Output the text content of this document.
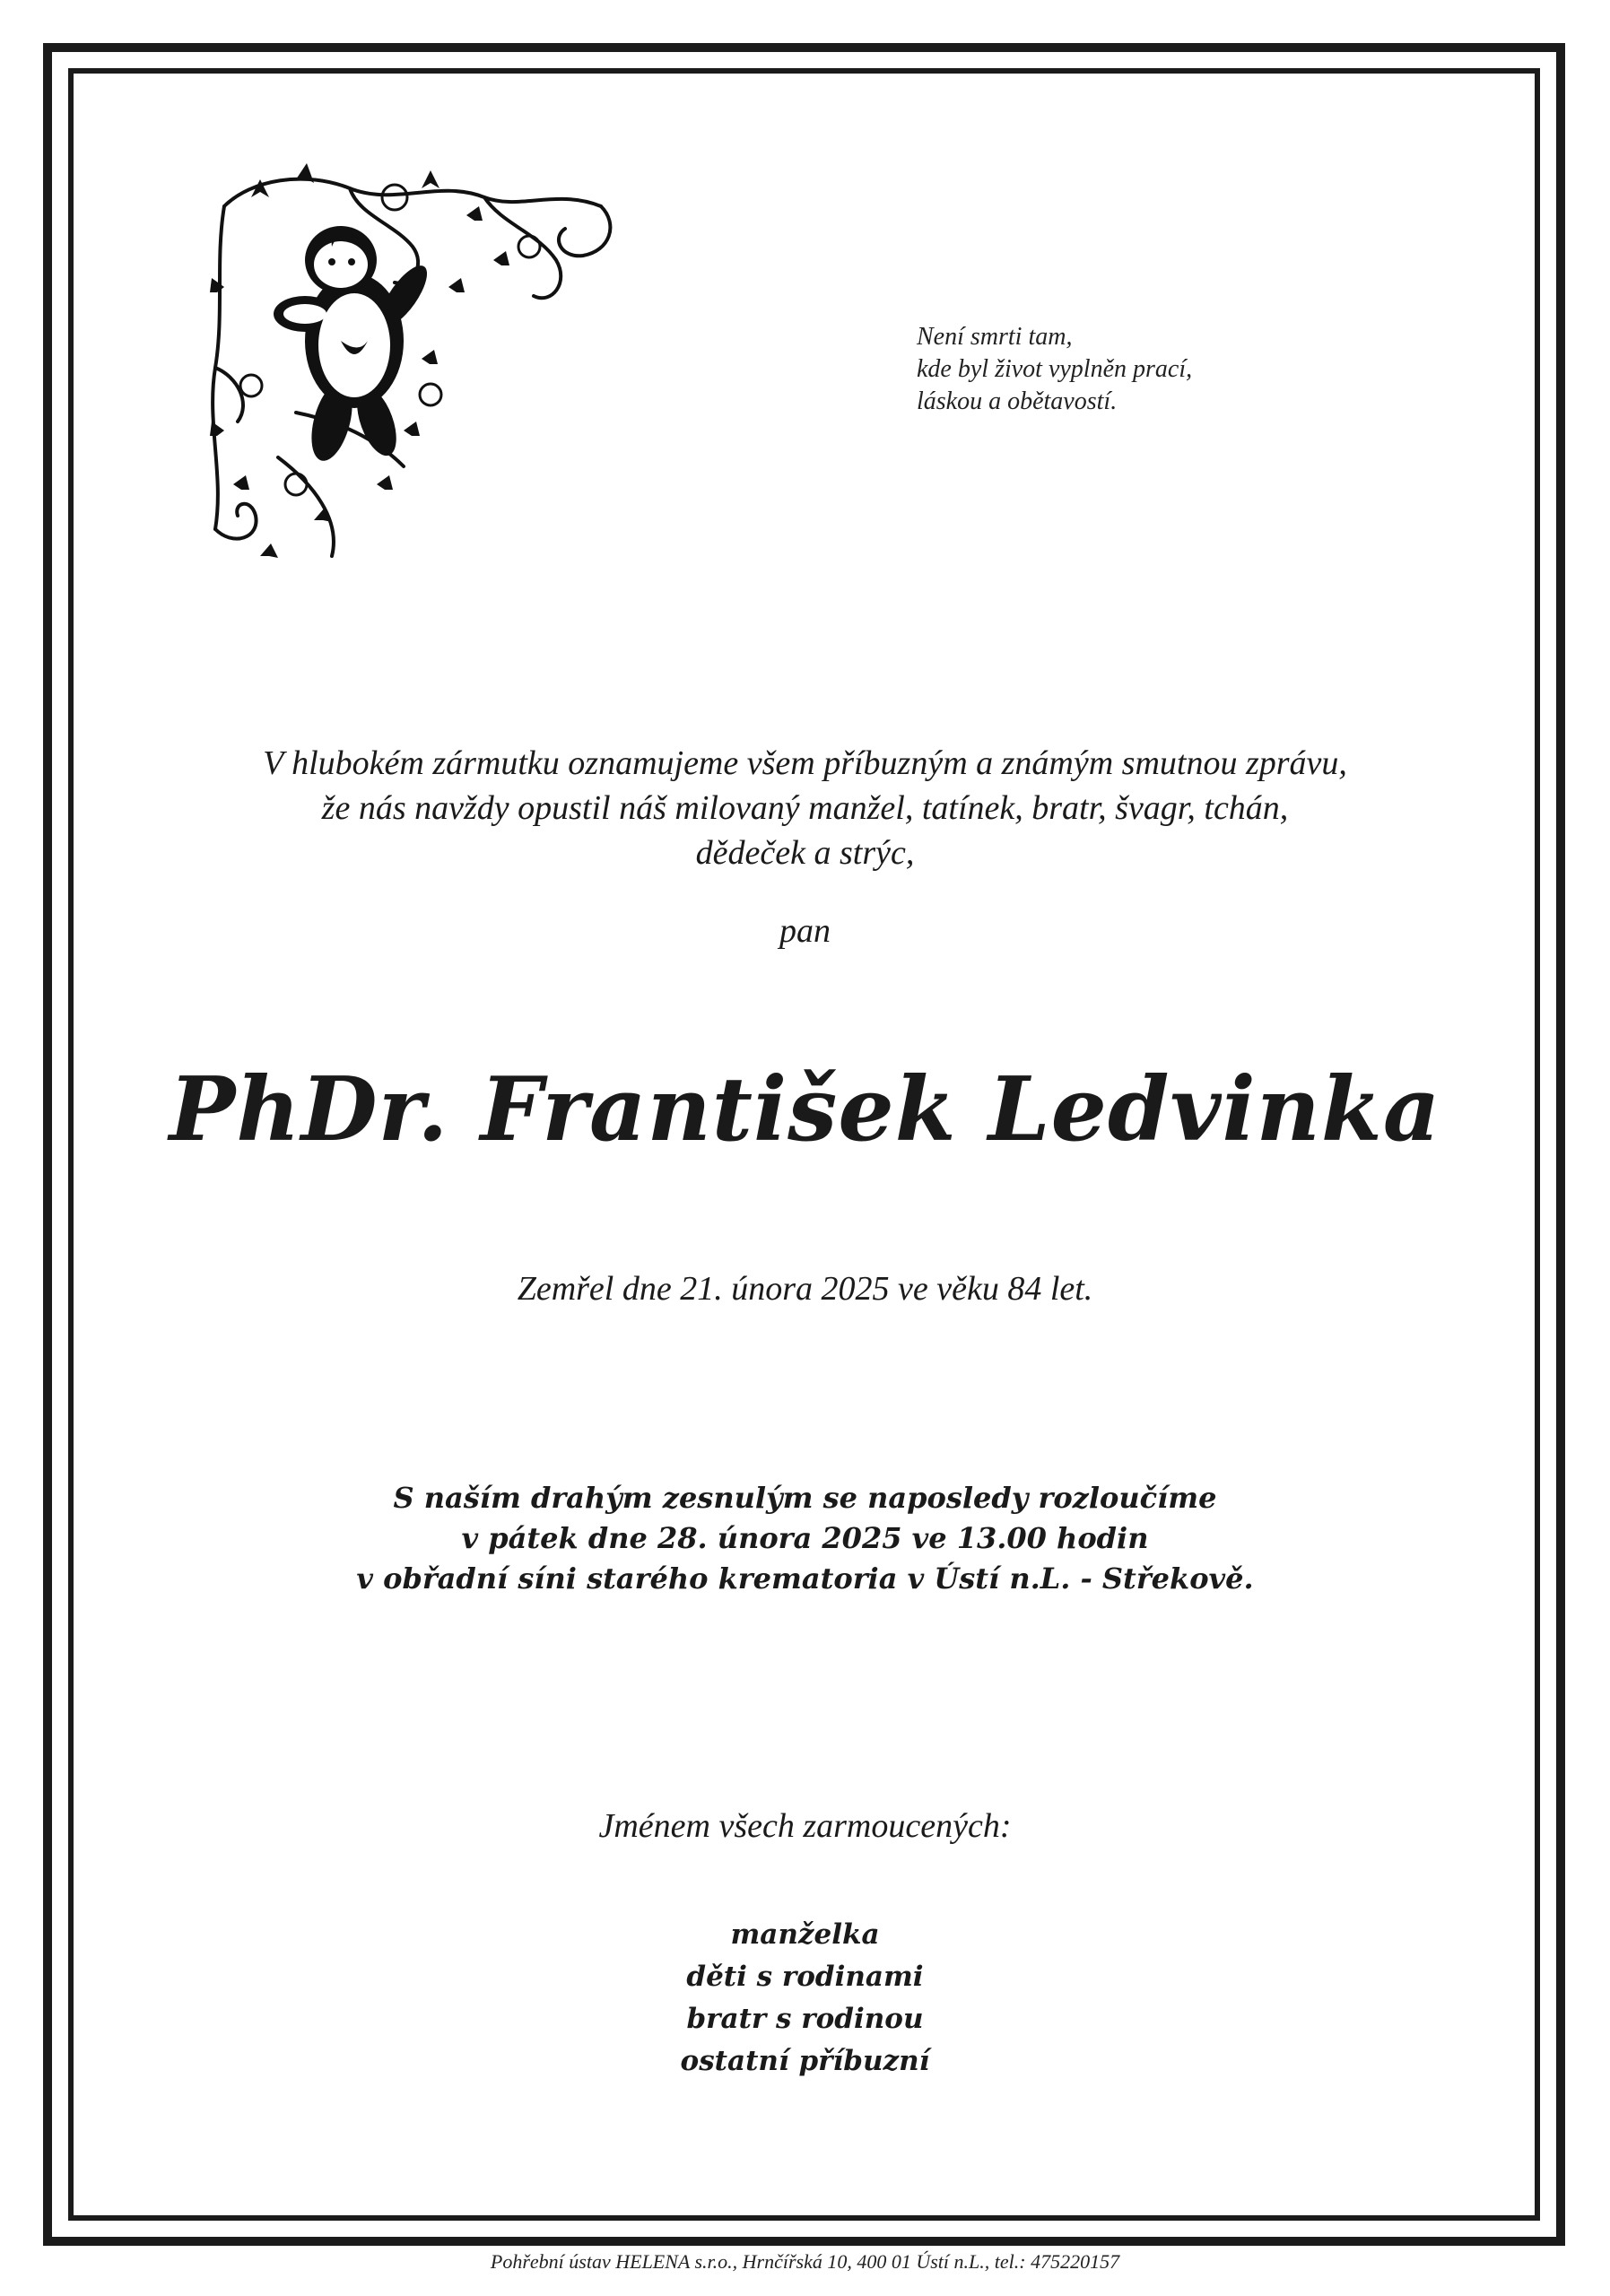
Není smrti tam,
kde byl život vyplněn prací,
láskou a obětavostí.
V hlubokém zármutku oznamujeme všem příbuzným a známým smutnou zprávu,
že nás navždy opustil náš milovaný manžel, tatínek, bratr, švagr, tchán,
dědeček a strýc,
pan
PhDr. František Ledvinka
Zemřel dne 21. února 2025 ve věku 84 let.
S naším drahým zesnulým se naposledy rozloučíme
v pátek dne 28. února 2025 ve 13.00 hodin
v obřadní síni starého krematoria v Ústí n.L. - Střekově.
Jménem všech zarmoucených:
manželka
děti s rodinami
bratr s rodinou
ostatní příbuzní
Pohřební ústav HELENA s.r.o., Hrnčířská 10, 400 01 Ústí n.L., tel.: 475220157
